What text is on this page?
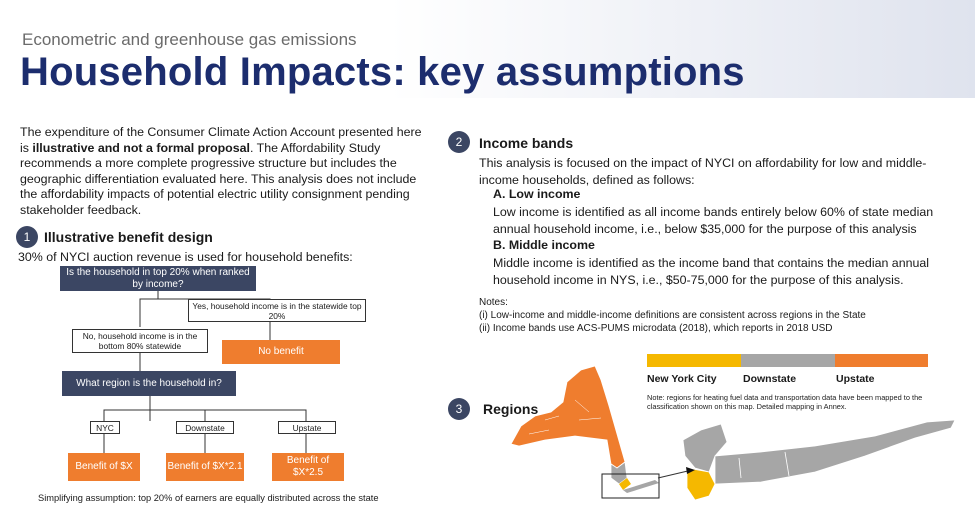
Econometric and greenhouse gas emissions
Household Impacts: key assumptions
The expenditure of the Consumer Climate Action Account presented here is illustrative and not a formal proposal. The Affordability Study recommends a more complete progressive structure but includes the geographic differentiation evaluated here. This analysis does not include the affordability impacts of potential electric utility consignment pending stakeholder feedback.
1 Illustrative benefit design
30% of NYCI auction revenue is used for household benefits:
Is the household in top 20% when ranked by income?
Yes, household income is in the statewide top 20%
No benefit
No, household income is in the bottom 80% statewide
What region is the household in?
NYC	Downstate	Upstate
Benefit of $X	Benefit of $X*2.1
Benefit of $X*2.5
Simplifying assumption: top 20% of earners are equally distributed across the state
2	Income bands
This analysis is focused on the impact of NYCI on affordability for low and middle-income households, defined as follows:
A. Low income
Low income is identified as all income bands entirely below 60% of state median annual household income, i.e., below $35,000 for the purpose of this analysis
B. Middle income
Middle income is identified as the income band that contains the median annual household income in NYS, i.e., $50-75,000 for the purpose of this analysis.
Notes:
(i) Low-income and middle-income definitions are consistent across regions in the State
(ii) Income bands use ACS-PUMS microdata (2018), which reports in 2018 USD
New York City	Downstate	Upstate
Note: regions for heating fuel data and transportation data have been mapped to the classification shown on this map. Detailed mapping in Annex.
3	Regions
